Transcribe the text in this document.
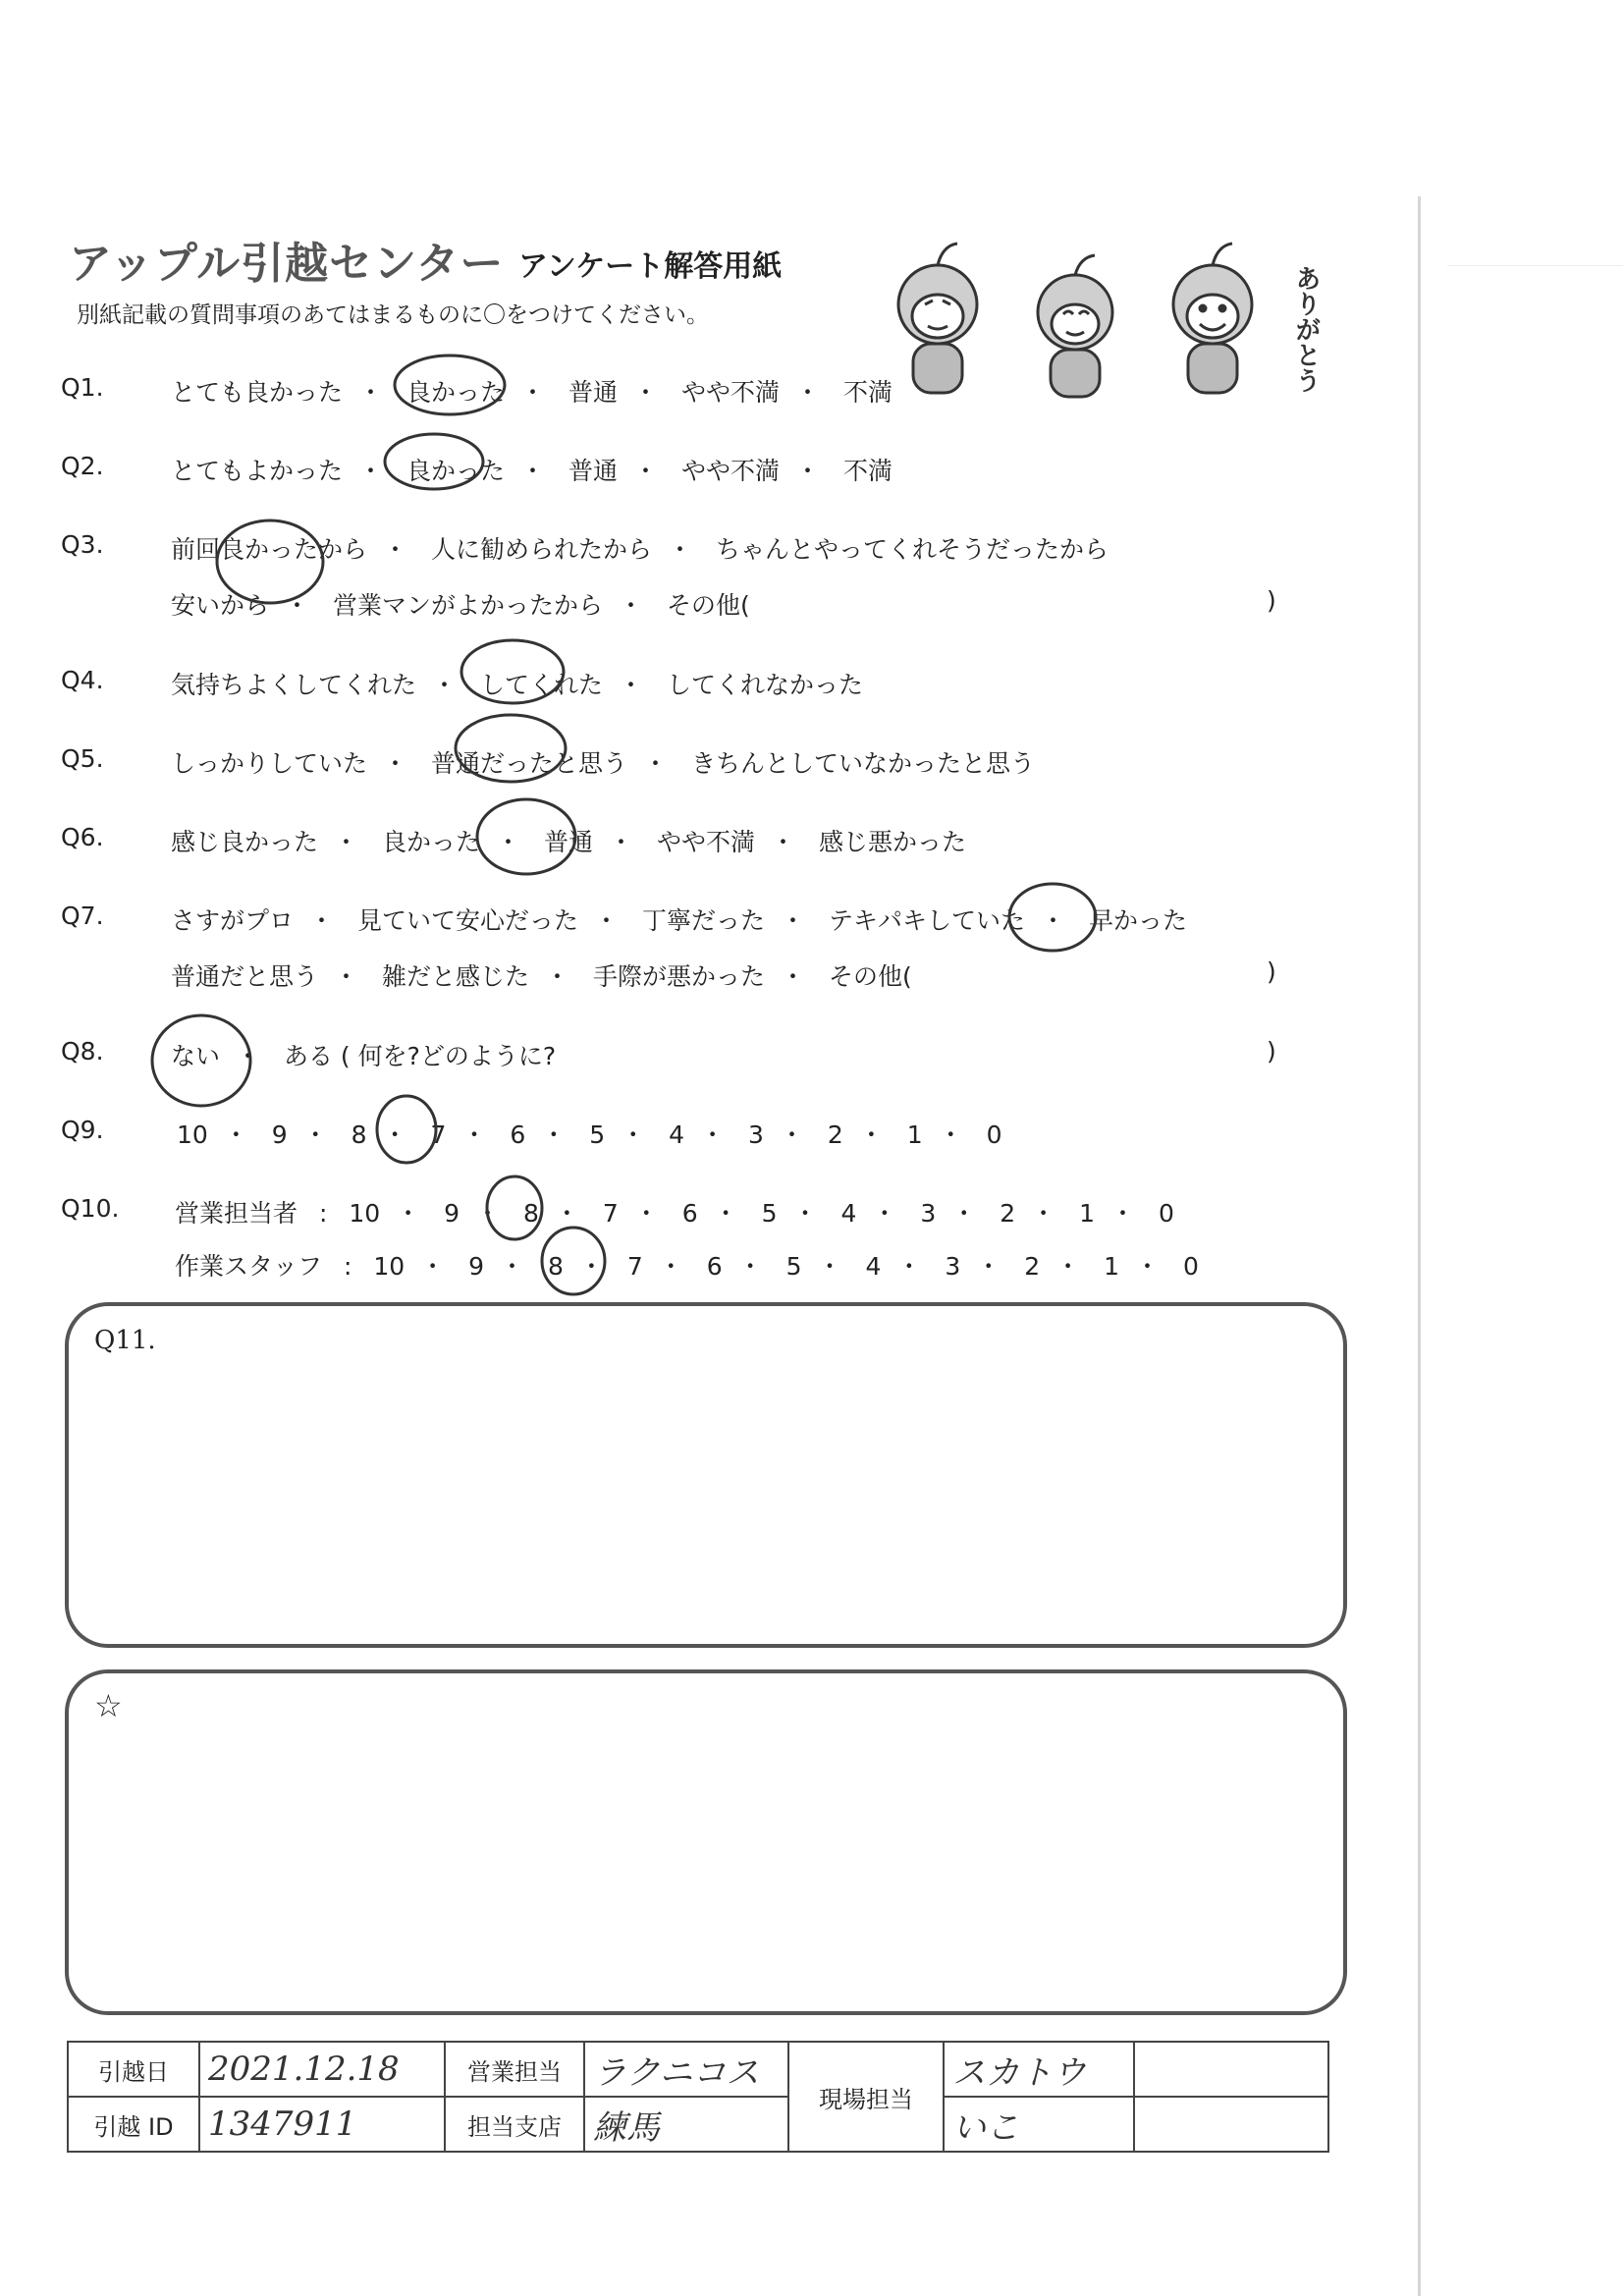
アップル引越センター アンケート解答用紙
別紙記載の質問事項のあてはまるものに〇をつけてください。	ありがとう
Q1.	とても良かった ・ 良かった ・ 普通 ・ やや不満 ・ 不満
Q2.	とてもよかった ・ 良かった ・ 普通 ・ やや不満 ・ 不満
Q3.	前回良かったから ・ 人に勧められたから ・ ちゃんとやってくれそうだったから
安いから ・ 営業マンがよかったから ・ その他(	)
Q4.	気持ちよくしてくれた ・ してくれた ・ してくれなかった
Q5.	しっかりしていた ・ 普通だったと思う ・ きちんとしていなかったと思う
Q6.	感じ良かった ・ 良かった ・ 普通 ・ やや不満 ・ 感じ悪かった
Q7.	さすがプロ ・ 見ていて安心だった ・ 丁寧だった ・ テキパキしていた ・ 早かった
普通だと思う ・ 雑だと感じた ・ 手際が悪かった ・ その他(	)
Q8.	ない ・ ある ( 何を?どのように?	)
Q9.	10 ・ 9 ・ 8 ・ 7 ・ 6 ・ 5 ・ 4 ・ 3 ・ 2 ・ 1 ・ 0
Q10. 営業担当者 : 10 ・ 9 ・ 8 ・ 7 ・ 6 ・ 5 ・ 4 ・ 3 ・ 2 ・ 1 ・ 0
作業スタッフ : 10 ・ 9 ・ 8 ・ 7 ・ 6 ・ 5 ・ 4 ・ 3 ・ 2 ・ 1 ・ 0
Q11.
☆
引越日	2021.12.18	営業担当	ラクニコス	現場担当	スカトウ	
引越 ID	1347911	担当支店	練馬		いこ	
